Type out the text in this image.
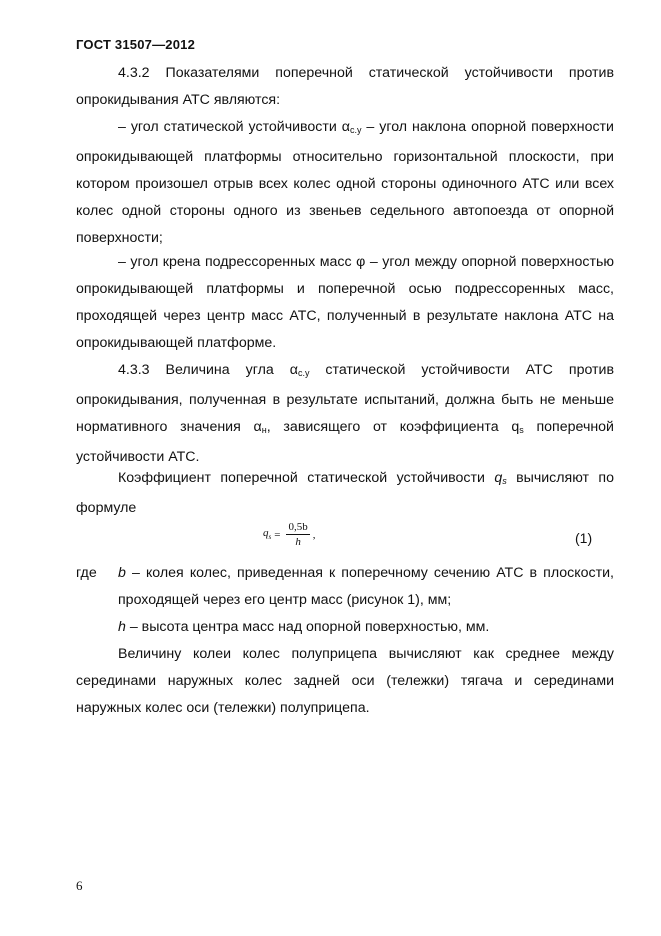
ГОСТ 31507—2012
4.3.2 Показателями поперечной статической устойчивости против опрокидывания АТС являются:
– угол статической устойчивости $\alpha_{с.у}$ – угол наклона опорной поверхности опрокидывающей платформы относительно горизонтальной плоскости, при котором произошел отрыв всех колес одной стороны одиночного АТС или всех колес одной стороны одного из звеньев седельного автопоезда от опорной поверхности;
– угол крена подрессоренных масс φ – угол между опорной поверхностью опрокидывающей платформы и поперечной осью подрессоренных масс, проходящей через центр масс АТС, полученный в результате наклона АТС на опрокидывающей платформе.
4.3.3 Величина угла $\alpha_{с.у}$ статической устойчивости АТС против опрокидывания, полученная в результате испытаний, должна быть не меньше нормативного значения $\alpha_н$, зависящего от коэффициента $q_s$ поперечной устойчивости АТС.
Коэффициент поперечной статической устойчивости $q_s$ вычисляют по формуле
$q_s = \frac{0,5b}{h}$ ,	(1)
где b – колея колес, приведенная к поперечному сечению АТС в плоскости, проходящей через его центр масс (рисунок 1), мм;
h – высота центра масс над опорной поверхностью, мм.
Величину колеи колес полуприцепа вычисляют как среднее между серединами наружных колес задней оси (тележки) тягача и серединами наружных колес оси (тележки) полуприцепа.
6
